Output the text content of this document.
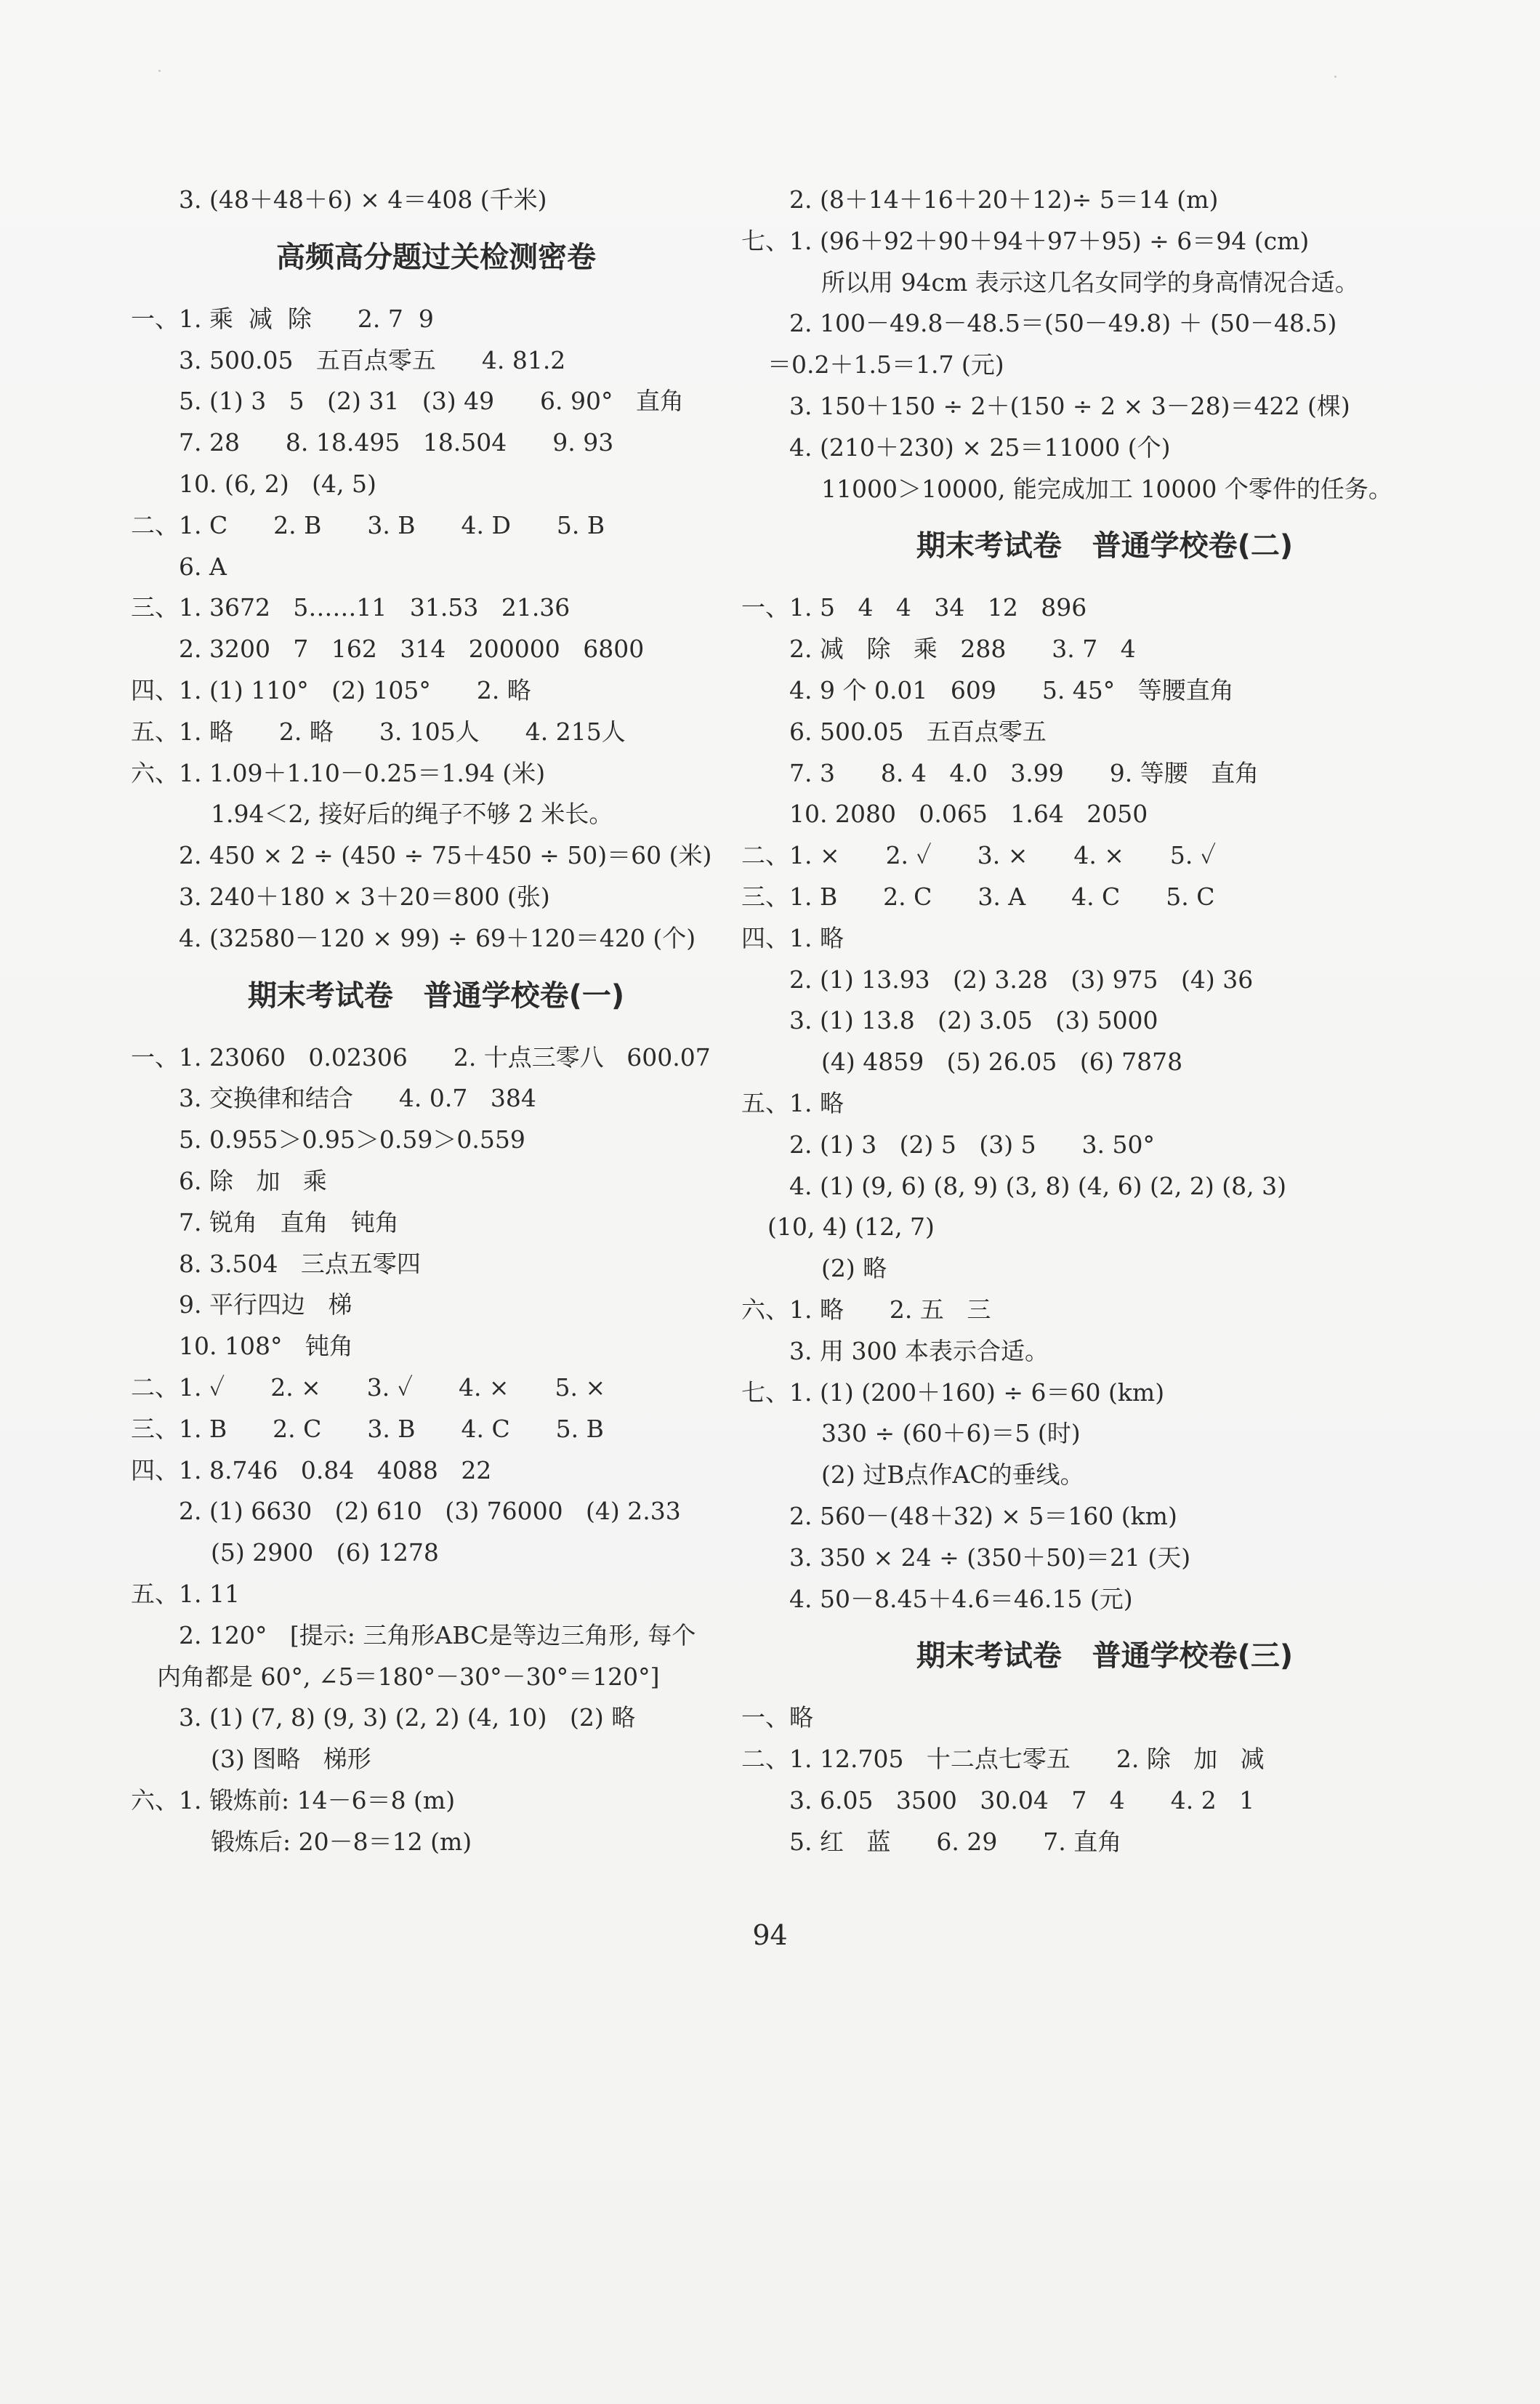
3. (48＋48＋6) × 4＝408 (千米)
高频高分题过关检测密卷
一、1. 乘  减  除      2. 7  9
3. 500.05   五百点零五      4. 81.2
5. (1) 3   5   (2) 31   (3) 49      6. 90°   直角
7. 28      8. 18.495   18.504      9. 93
10. (6, 2)   (4, 5)
二、1. C      2. B      3. B      4. D      5. B
6. A
三、1. 3672   5……11   31.53   21.36
2. 3200   7   162   314   200000   6800
四、1. (1) 110°   (2) 105°      2. 略
五、1. 略      2. 略      3. 105人      4. 215人
六、1. 1.09＋1.10－0.25＝1.94 (米)
1.94＜2, 接好后的绳子不够 2 米长。
2. 450 × 2 ÷ (450 ÷ 75＋450 ÷ 50)＝60 (米)
3. 240＋180 × 3＋20＝800 (张)
4. (32580－120 × 99) ÷ 69＋120＝420 (个)
期末考试卷   普通学校卷(一)
一、1. 23060   0.02306      2. 十点三零八   600.07
3. 交换律和结合      4. 0.7   384
5. 0.955＞0.95＞0.59＞0.559
6. 除   加   乘
7. 锐角   直角   钝角
8. 3.504   三点五零四
9. 平行四边   梯
10. 108°   钝角
二、1. ✓      2. ×      3. ✓      4. ×      5. ×
三、1. B      2. C      3. B      4. C      5. B
四、1. 8.746   0.84   4088   22
2. (1) 6630   (2) 610   (3) 76000   (4) 2.33
(5) 2900   (6) 1278
五、1. 11
2. 120°   [提示: 三角形ABC是等边三角形, 每个
内角都是 60°, ∠5＝180°－30°－30°＝120°]
3. (1) (7, 8) (9, 3) (2, 2) (4, 10)   (2) 略
(3) 图略   梯形
六、1. 锻炼前: 14－6＝8 (m)
锻炼后: 20－8＝12 (m)
2. (8＋14＋16＋20＋12)÷ 5＝14 (m)
七、1. (96＋92＋90＋94＋97＋95) ÷ 6＝94 (cm)
所以用 94cm 表示这几名女同学的身高情况合适。
2. 100－49.8－48.5＝(50－49.8) ＋ (50－48.5)
＝0.2＋1.5＝1.7 (元)
3. 150＋150 ÷ 2＋(150 ÷ 2 × 3－28)＝422 (棵)
4. (210＋230) × 25＝11000 (个)
11000＞10000, 能完成加工 10000 个零件的任务。
期末考试卷   普通学校卷(二)
一、1. 5   4   4   34   12   896
2. 减   除   乘   288      3. 7   4
4. 9 个 0.01   609      5. 45°   等腰直角
6. 500.05   五百点零五
7. 3      8. 4   4.0   3.99      9. 等腰   直角
10. 2080   0.065   1.64   2050
二、1. ×      2. ✓      3. ×      4. ×      5. ✓
三、1. B      2. C      3. A      4. C      5. C
四、1. 略
2. (1) 13.93   (2) 3.28   (3) 975   (4) 36
3. (1) 13.8   (2) 3.05   (3) 5000
(4) 4859   (5) 26.05   (6) 7878
五、1. 略
2. (1) 3   (2) 5   (3) 5      3. 50°
4. (1) (9, 6) (8, 9) (3, 8) (4, 6) (2, 2) (8, 3)
(10, 4) (12, 7)
(2) 略
六、1. 略      2. 五   三
3. 用 300 本表示合适。
七、1. (1) (200＋160) ÷ 6＝60 (km)
330 ÷ (60＋6)＝5 (时)
(2) 过B点作AC的垂线。
2. 560－(48＋32) × 5＝160 (km)
3. 350 × 24 ÷ (350＋50)＝21 (天)
4. 50－8.45＋4.6＝46.15 (元)
期末考试卷   普通学校卷(三)
一、略
二、1. 12.705   十二点七零五      2. 除   加   减
3. 6.05   3500   30.04   7   4      4. 2   1
5. 红   蓝      6. 29      7. 直角
94
